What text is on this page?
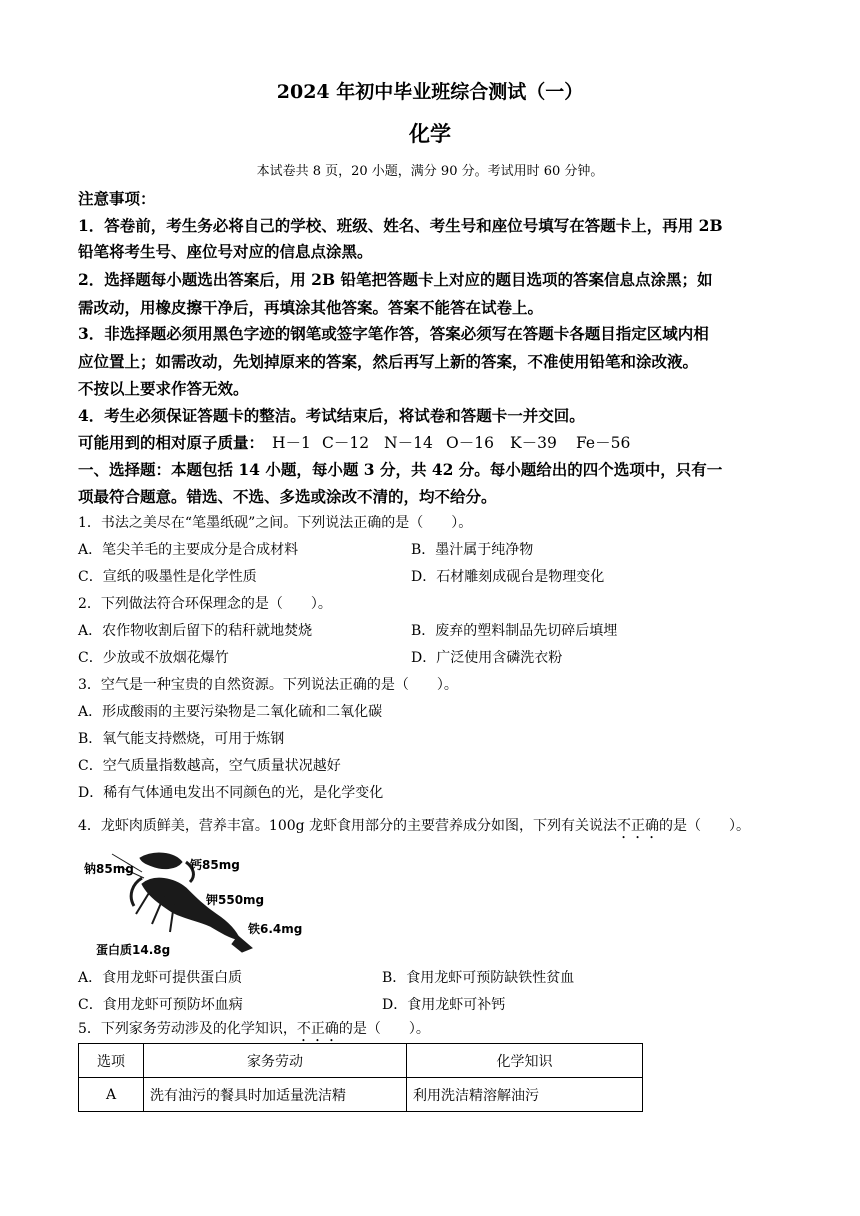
2024 年初中毕业班综合测试（一）
化学
本试卷共 8 页，20 小题，满分 90 分。考试用时 60 分钟。
注意事项：
1．答卷前，考生务必将自己的学校、班级、姓名、考生号和座位号填写在答题卡上，再用 2B
铅笔将考生号、座位号对应的信息点涂黑。
2．选择题每小题选出答案后，用 2B 铅笔把答题卡上对应的题目选项的答案信息点涂黑；如
需改动，用橡皮擦干净后，再填涂其他答案。答案不能答在试卷上。
3．非选择题必须用黑色字迹的钢笔或签字笔作答，答案必须写在答题卡各题目指定区域内相
应位置上；如需改动，先划掉原来的答案，然后再写上新的答案，不准使用铅笔和涂改液。
不按以上要求作答无效。
4．考生必须保证答题卡的整洁。考试结束后，将试卷和答题卡一并交回。
可能用到的相对原子质量： H－1 C－12 N－14 O－16 K－39 Fe－56
一、选择题：本题包括 14 小题，每小题 3 分，共 42 分。每小题给出的四个选项中，只有一
项最符合题意。错选、不选、多选或涂改不清的，均不给分。
1．书法之美尽在“笔墨纸砚”之间。下列说法正确的是（　　）。
A．笔尖羊毛的主要成分是合成材料	B．墨汁属于纯净物
C．宣纸的吸墨性是化学性质	D．石材雕刻成砚台是物理变化
2．下列做法符合环保理念的是（　　）。
A．农作物收割后留下的秸秆就地焚烧	B．废弃的塑料制品先切碎后填埋
C．少放或不放烟花爆竹	D．广泛使用含磷洗衣粉
3．空气是一种宝贵的自然资源。下列说法正确的是（　　）。
A．形成酸雨的主要污染物是二氧化硫和二氧化碳
B．氧气能支持燃烧，可用于炼钢
C．空气质量指数越高，空气质量状况越好
D．稀有气体通电发出不同颜色的光，是化学变化
4．龙虾肉质鲜美，营养丰富。100g 龙虾食用部分的主要营养成分如图，下列有关说法不正确的是（　　）。
钠85mg	钙85mg
钾550mg
铁6.4mg
蛋白质14.8g
A．食用龙虾可提供蛋白质	B．食用龙虾可预防缺铁性贫血
C．食用龙虾可预防坏血病	D．食用龙虾可补钙
5．下列家务劳动涉及的化学知识，不正确的是（　　）。
选项	家务劳动	化学知识
A	洗有油污的餐具时加适量洗洁精	利用洗洁精溶解油污
